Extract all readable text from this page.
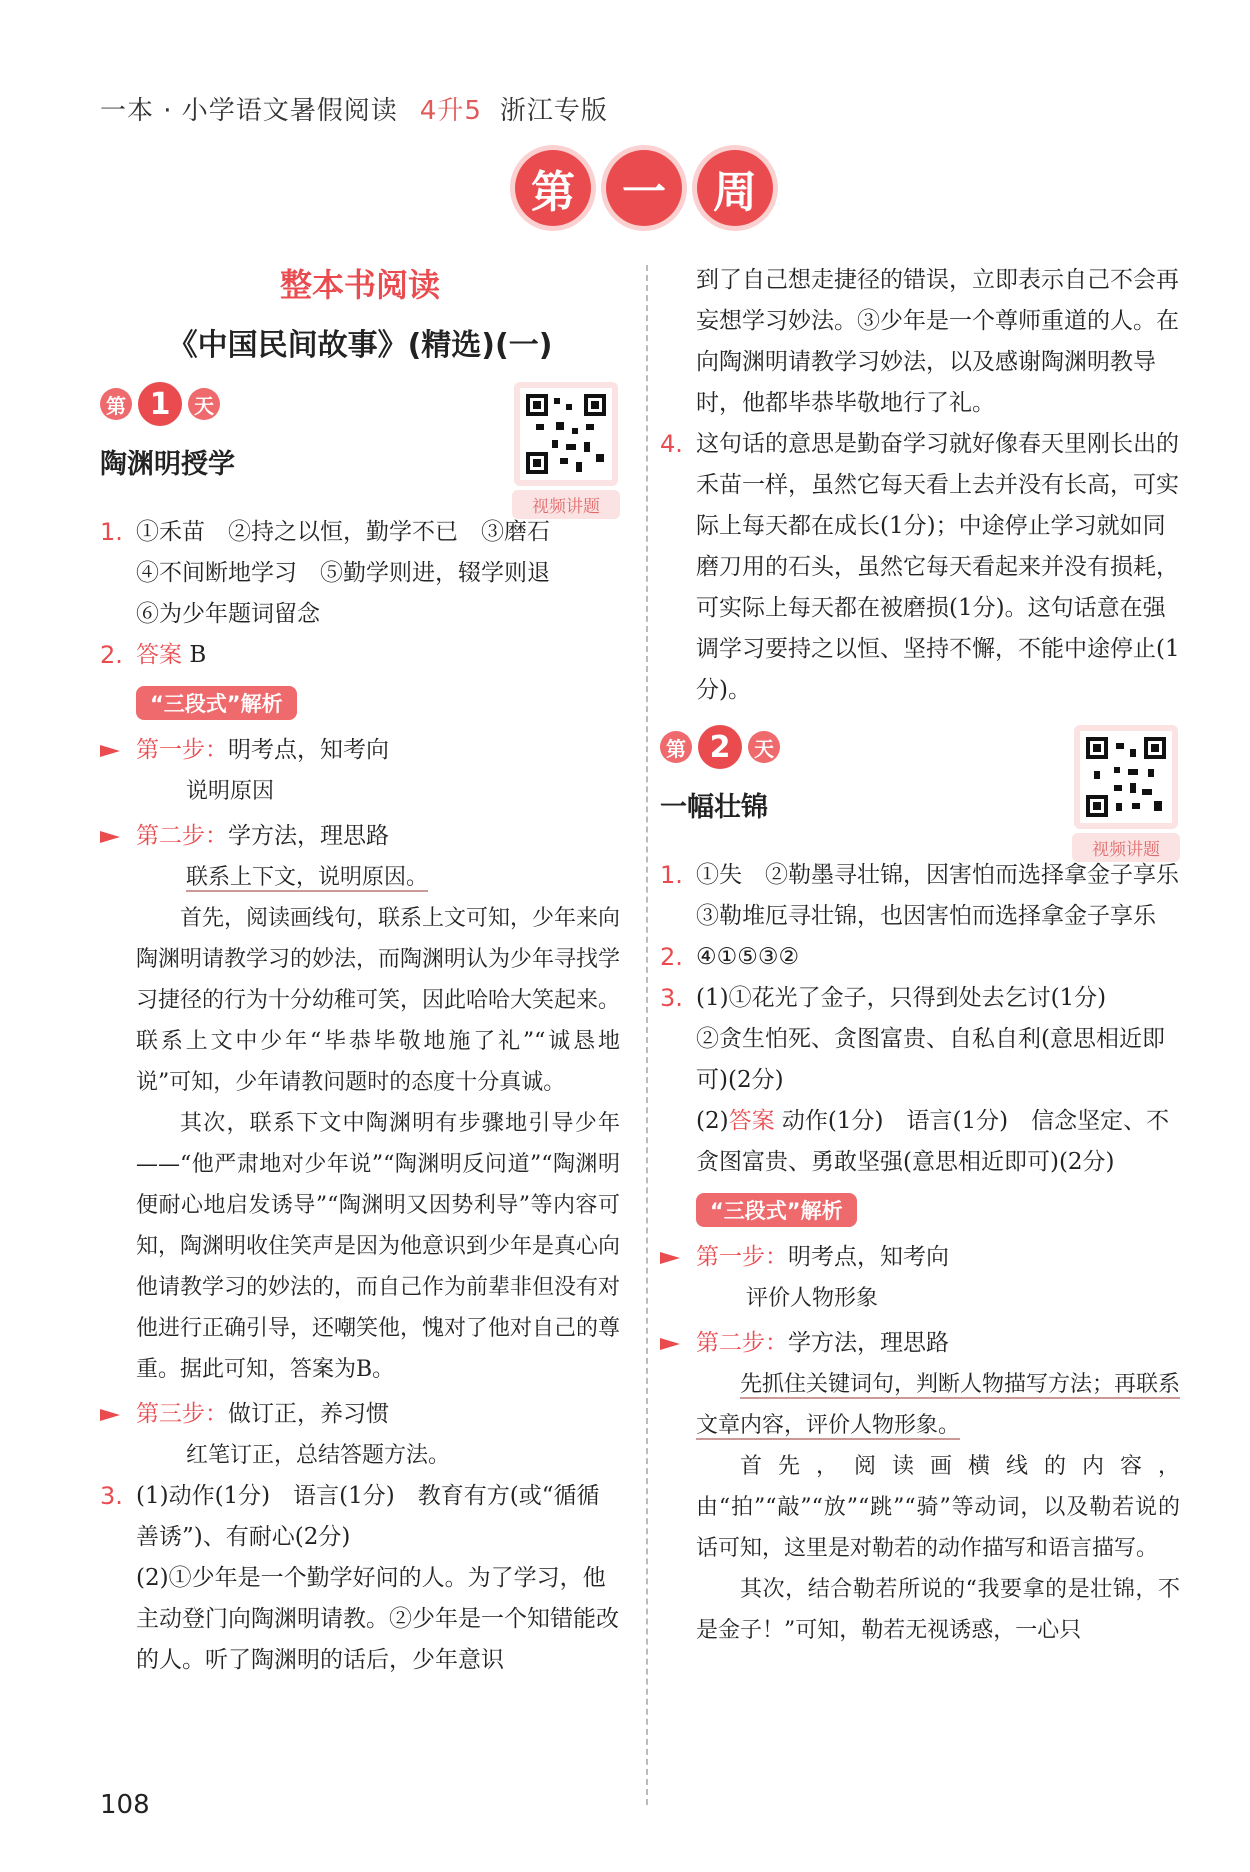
一本 · 小学语文暑假阅读 4升5 浙江专版
第	一	周
整本书阅读
《中国民间故事》(精选)(一)
第 1	天
陶渊明授学
视频讲题
1. ①禾苗　②持之以恒，勤学不已　③磨石
④不间断地学习　⑤勤学则进，辍学则退
⑥为少年题词留念
2. 答案 B
“三段式”解析
第一步：明考点，知考向
说明原因
第二步：学方法，理思路
联系上下文，说明原因。
首先，阅读画线句，联系上文可知，少年来向陶渊明请教学习的妙法，而陶渊明认为少年寻找学习捷径的行为十分幼稚可笑，因此哈哈大笑起来。联系上文中少年“毕恭毕敬地施了礼”“诚恳地说”可知，少年请教问题时的态度十分真诚。
其次，联系下文中陶渊明有步骤地引导少年——“他严肃地对少年说”“陶渊明反问道”“陶渊明便耐心地启发诱导”“陶渊明又因势利导”等内容可知，陶渊明收住笑声是因为他意识到少年是真心向他请教学习的妙法的，而自己作为前辈非但没有对他进行正确引导，还嘲笑他，愧对了他对自己的尊重。据此可知，答案为B。
第三步：做订正，养习惯
红笔订正，总结答题方法。
3. (1)动作(1分)　语言(1分)　教育有方(或“循循善诱”)、有耐心(2分)
(2)①少年是一个勤学好问的人。为了学习，他主动登门向陶渊明请教。②少年是一个知错能改的人。听了陶渊明的话后，少年意识
到了自己想走捷径的错误，立即表示自己不会再妄想学习妙法。③少年是一个尊师重道的人。在向陶渊明请教学习妙法，以及感谢陶渊明教导时，他都毕恭毕敬地行了礼。
4. 这句话的意思是勤奋学习就好像春天里刚长出的禾苗一样，虽然它每天看上去并没有长高，可实际上每天都在成长(1分)；中途停止学习就如同磨刀用的石头，虽然它每天看起来并没有损耗，可实际上每天都在被磨损(1分)。这句话意在强调学习要持之以恒、坚持不懈，不能中途停止(1分)。
第 2	天
一幅壮锦
视频讲题
1. ①失　②勒墨寻壮锦，因害怕而选择拿金子享乐　③勒堆厄寻壮锦，也因害怕而选择拿金子享乐
2. ④①⑤③②
3. (1)①花光了金子，只得到处去乞讨(1分)
②贪生怕死、贪图富贵、自私自利(意思相近即可)(2分)
(2)答案 动作(1分)　语言(1分)　信念坚定、不贪图富贵、勇敢坚强(意思相近即可)(2分)
“三段式”解析
第一步：明考点，知考向
评价人物形象
第二步：学方法，理思路
先抓住关键词句，判断人物描写方法；再联系文章内容，评价人物形象。
首先，阅读画横线的内容，由“拍”“敲”“放”“跳”“骑”等动词，以及勒若说的话可知，这里是对勒若的动作描写和语言描写。
其次，结合勒若所说的“我要拿的是壮锦，不是金子！”可知，勒若无视诱惑，一心只
108
